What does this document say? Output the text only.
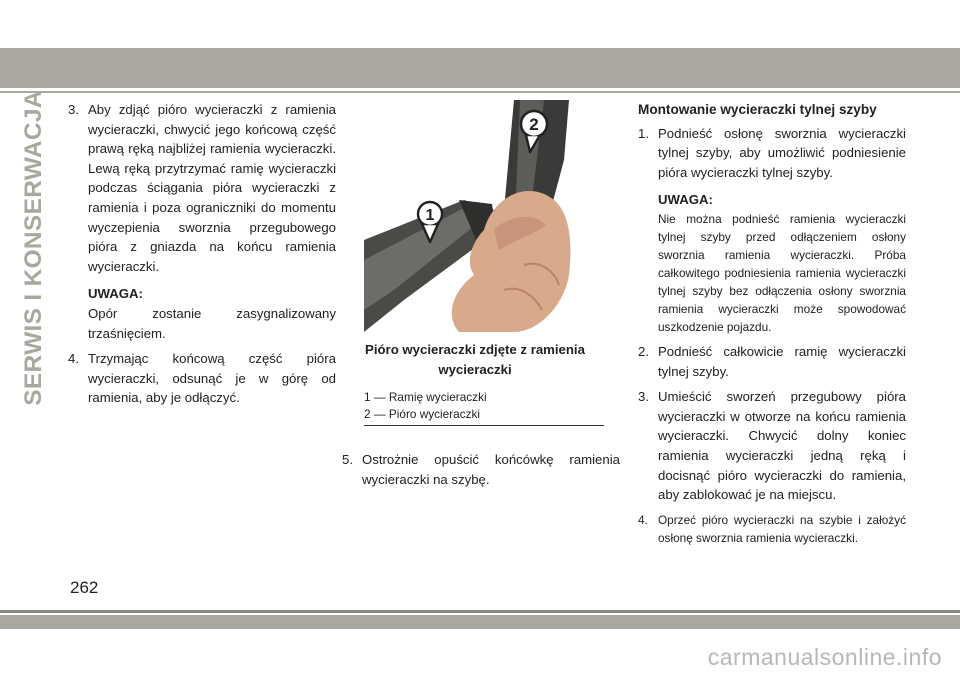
SERWIS I KONSERWACJA 3. Aby zdjąć pióro wycieraczki z ramienia wycieraczki, chwycić jego końcową część prawą ręką najbliżej ramienia wycieraczki. Lewą ręką przytrzymać ramię wycieraczki podczas ściągania pióra wycieraczki z ramienia i poza ograniczniki do momentu wyczepienia sworznia przegubowego pióra z gniazda na końcu ramienia wycieraczki.
UWAGA:
Opór zostanie zasygnalizowany trzaśnięciem.
4. Trzymając końcową część pióra wycieraczki, odsunąć je w górę od ramienia, aby je odłączyć.
1
2
Pióro wycieraczki zdjęte z ramienia wycieraczki
1 — Ramię wycieraczki
2 — Pióro wycieraczki
5. Ostrożnie opuścić końcówkę ramienia wycieraczki na szybę.
Montowanie wycieraczki tylnej szyby
1. Podnieść osłonę sworznia wycieraczki tylnej szyby, aby umożliwić podniesienie pióra wycieraczki tylnej szyby.
UWAGA:
Nie można podnieść ramienia wycieraczki tylnej szyby przed odłączeniem osłony sworznia ramienia wycieraczki. Próba całkowitego podniesienia ramienia wycieraczki tylnej szyby bez odłączenia osłony sworznia ramienia wycieraczki może spowodować uszkodzenie pojazdu.
2. Podnieść całkowicie ramię wycieraczki tylnej szyby.
3. Umieścić sworzeń przegubowy pióra wycieraczki w otworze na końcu ramienia wycieraczki. Chwycić dolny koniec ramienia wycieraczki jedną ręką i docisnąć pióro wycieraczki do ramienia, aby zablokować je na miejscu.
4. Oprzeć pióro wycieraczki na szybie i założyć osłonę sworznia ramienia wycieraczki.
262
carmanualsonline.info
